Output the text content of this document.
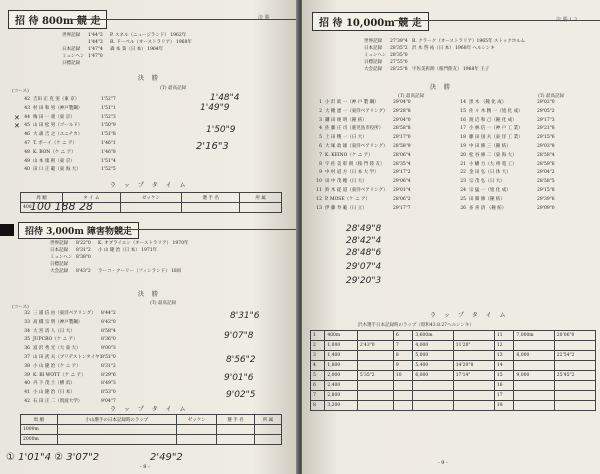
招 待 800m 競 走	決 勝
世界記録 1'44"3 P. スネル（ニュージランド） 1962年
1'44"3 R. ドーベル（オーストラリア） 1968年
日本記録 1'47"4 森 本 葵（日 本） 1964年
ミュンヘン 1'47"0
日標記録
決 勝
(T) 最高記録
(コース)
42 吉田 正 克 実（東 京）	1'52"7
43 村 田 和 男（神戸製鋼）	1'51"1
44 梅 田 一 義（東 京）	1'52"3
45 山 田 松 男（ゴールド）	1'50"9
46 大 森 吉 之（ユニチカ）	1'51"8
47 T. ボーイ（ケ ニ ア）	1'46"1
48 K. BON（ケ ニ ア）	1'46"8
49 山 本 康 則（東 京）	1'51"4
40 田 口 正 範（東 海 大）	1'52"5
✕
✕
1'48"4
1'49"9
1'50"9
2'16"3
ラ ッ プ タ イ ム
周 順	タ イ ム	ゼッケン	選 手 名	所 属
400				
100 188 28
招待 3,000m 障害物競走
世界記録 8'22"0 K. オブライエン（オーストラリア） 1970年
日本記録 8'31"2 小 山 隆 治（日 本） 1971年
ミュンヘン 8'38"0
日標記録
大会記録 8'43"2 ラーコ・クーリー（フィンランド） 18回
決 勝
(T) 最高記録
(コース)
32 三 浦 信 由（東洋ベアリング） 8'44"2
33 高 橋 宗 明（神戸製鋼）	8'42"0
34 大 宮 清 人（日 大）	8'58"4
35 JUPCRO（ケ ニ ア）	8'36"0
36 富 沢 秀 光（大 東 大）	9'00"3
37 山 田 武 夫（プリデストンタイヤ）8'51"0
38 小 山 隆 治（ケ ニ ア）	8'31"2
39 K. BI WOTT（ケ ニ ア）	8'29"6
40 丹 下 茂 士（横 浜）	8'49"3
41 小 山 隆 治（日 本）	8'53"0
42 石 田 正 二（筑波大学）	9'04"7
8'31"6
9'07"8
8'56"2
9'01"6
9'02"5
ラ ッ プ タ イ ム
周 順	小山選手の日本記録時のラップ	ゼッケン	選 手 名	所 属
1000m				
2000m				
① 1'01"4 ② 3'07"2	2'49"2
- 8 -
招 待 10,000m 競 走	決 勝 1 3
世界記録 27'39"4 R. クラーク（オーストラリア）1965年 ストックホルム
日本記録 28'35"2 沢 木 啓 祐（日 本） 1968年 ヘルシンキ
ミュンヘン 28'35"0
日標記録 27'55"0
大会記録 28'25"8 宇佐美彰朗（桜門陸友） 1968年 王子
決 勝
(T) 最高記録	(T) 最高記録
1 小 沢 欽 一（神 戸 製 鋼）	29'04"0
2 大 槻 憲 一（東洋ベアリング） 29'28"8
3 鎌 田 俊 明（鐘 紡）	29'04"0
4 佐 藤 庄 司（鹿児島市役所） 28'58"8
5 上 田 精 一（日 大）	29'17"0
6 大 塚 政 雄（東洋ベアリング） 28'58"9
7 K. KEINO（ケ ニ ア）	28'06"4
8 宇 佐 美 彰 朗（桜 門 陸 友） 28'35"4
9 中 村 道 方（日 本 大 学）	29'17"2
10 田 中 茂 穂（日 大）	29'06"4
11 鈴 木 從 道（東洋ベアリング） 29'01"4
12 P. MOSE（ケ ニ ア）	28'06"2
13 伊 藤 寿 範（日 立）	29'17"7
14 黒 木 （鐘 化 成）	29'02"0
15 佐 々 木 精 一（旭 化 成）	29'05"2
16 渡 辺 和 己（鐘 化 成）	29'17"3
17 小 林 信 一（神 戸 工 業）	29'21"8
18 藤 田 国 夫（東 洋 工 業）	29'15"6
19 中 田 修 三（鐘 紡）	29'03"8
20 松 谷 修 二（東 海 大）	28'58"4
21 小 幡 力（九 州 電 工）	28'59"6
22 金 田 弘（日 体 大）	29'04"2
23 宗 茂 弘（日 大）	28'58"5
24 宗 猛 一（旭 化 成）	29'15"8
25 田 畑 修（鐘 紡）	29'39"6
26 多 喜 清 （鐘 紡）	29'09"0
28'49"8
28'42"4
28'48"6
29'07"4
29'20"3
ラ ッ プ タ イ ム
沢木選手日本記録時のラップ（昭和43.8.27ヘルシンキ）
1	400m		6	3,600m		11	7,000m	20'06"0
2	1,000	2'43"0	7	4,000	11'28"	12		
3	1,400		8	5,000		13	8,000	22'54"2
4	1,800		9	5,400	14'20"8	14		
5	2,000	5'35"2	10	6,000	17'14"	15	9,000	25'45"2
6	2,400					16		
7	2,800					17		
8	3,200					18		
- 9 -
